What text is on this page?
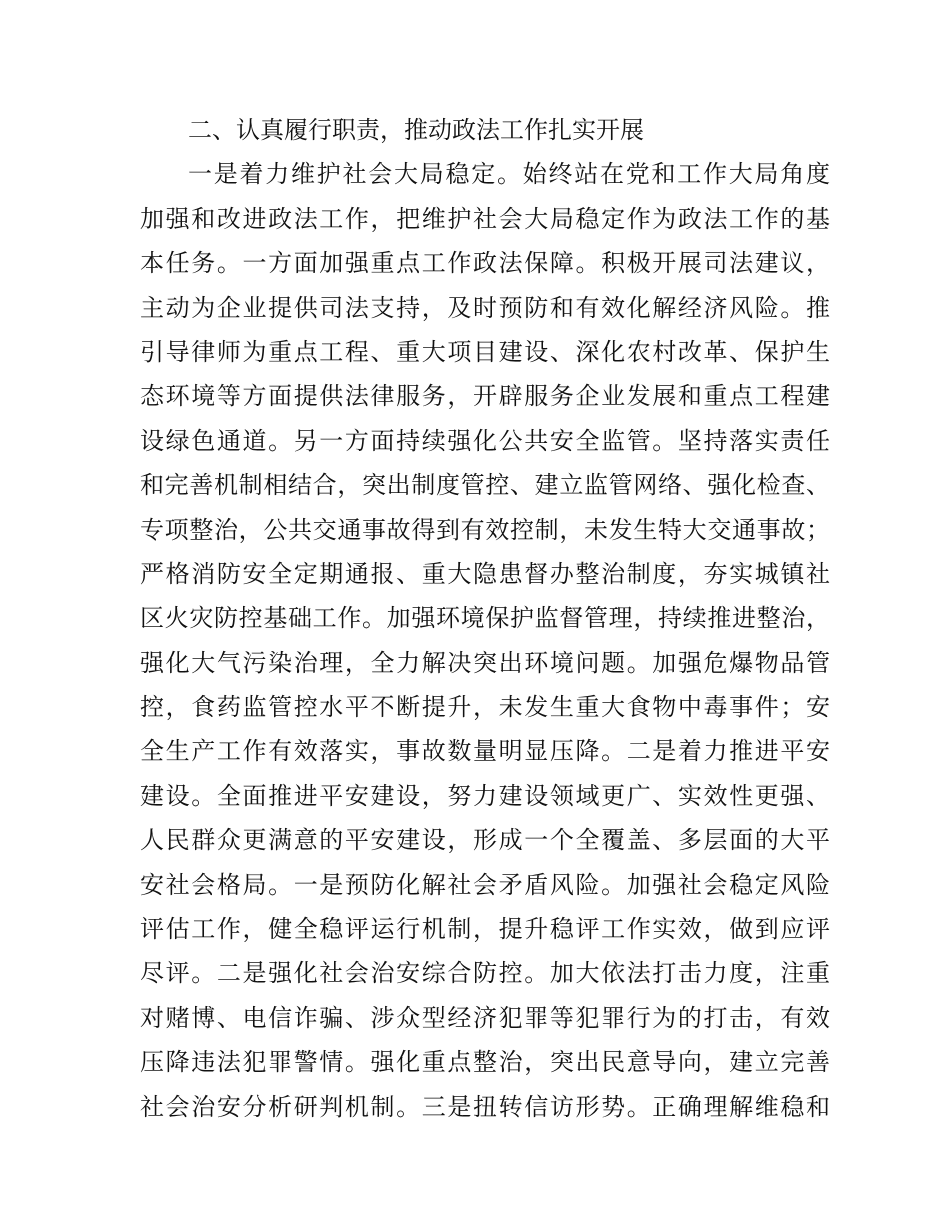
二、认真履行职责，推动政法工作扎实开展
一是着力维护社会大局稳定。始终站在党和工作大局角度
加强和改进政法工作，把维护社会大局稳定作为政法工作的基
本任务。一方面加强重点工作政法保障。积极开展司法建议，
主动为企业提供司法支持，及时预防和有效化解经济风险。推
引导律师为重点工程、重大项目建设、深化农村改革、保护生
态环境等方面提供法律服务，开辟服务企业发展和重点工程建
设绿色通道。另一方面持续强化公共安全监管。坚持落实责任
和完善机制相结合，突出制度管控、建立监管网络、强化检查、
专项整治，公共交通事故得到有效控制，未发生特大交通事故；
严格消防安全定期通报、重大隐患督办整治制度，夯实城镇社
区火灾防控基础工作。加强环境保护监督管理，持续推进整治，
强化大气污染治理，全力解决突出环境问题。加强危爆物品管
控，食药监管控水平不断提升，未发生重大食物中毒事件；安
全生产工作有效落实，事故数量明显压降。二是着力推进平安
建设。全面推进平安建设，努力建设领域更广、实效性更强、
人民群众更满意的平安建设，形成一个全覆盖、多层面的大平
安社会格局。一是预防化解社会矛盾风险。加强社会稳定风险
评估工作，健全稳评运行机制，提升稳评工作实效，做到应评
尽评。二是强化社会治安综合防控。加大依法打击力度，注重
对赌博、电信诈骗、涉众型经济犯罪等犯罪行为的打击，有效
压降违法犯罪警情。强化重点整治，突出民意导向，建立完善
社会治安分析研判机制。三是扭转信访形势。正确理解维稳和
